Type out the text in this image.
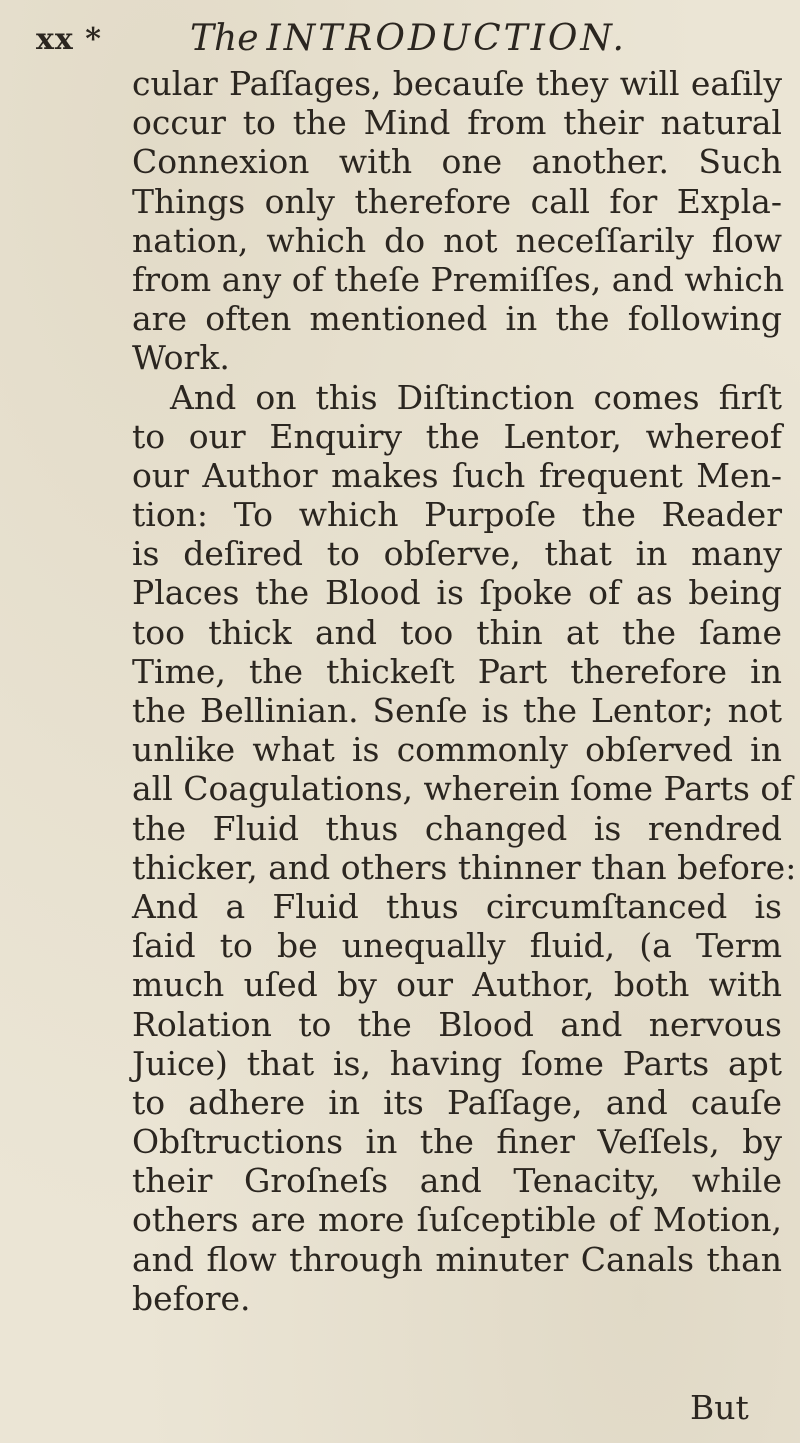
xx * The INTRODUCTION.
cular Paſſages, becauſe they will eaſily
occur to the Mind from their natural
Connexion with one another. Such
Things only therefore call for Expla-
nation, which do not neceſſarily flow
from any of theſe Premiſſes, and which
are often mentioned in the following
Work.
And on this Diſtinction comes firſt
to our Enquiry the Lentor, whereof
our Author makes ſuch frequent Men-
tion: To which Purpoſe the Reader
is deſired to obſerve, that in many
Places the Blood is ſpoke of as being
too thick and too thin at the ſame
Time, the thickeſt Part therefore in
the Bellinian. Senſe is the Lentor; not
unlike what is commonly obſerved in
all Coagulations, wherein ſome Parts of
the Fluid thus changed is rendred
thicker, and others thinner than before:
And a Fluid thus circumſtanced is
ſaid to be unequally fluid, (a Term
much uſed by our Author, both with
Rolation to the Blood and nervous
Juice) that is, having ſome Parts apt
to adhere in its Paſſage, and cauſe
Obſtructions in the finer Veſſels, by
their Groſneſs and Tenacity, while
others are more ſuſceptible of Motion,
and flow through minuter Canals than
before.
But
